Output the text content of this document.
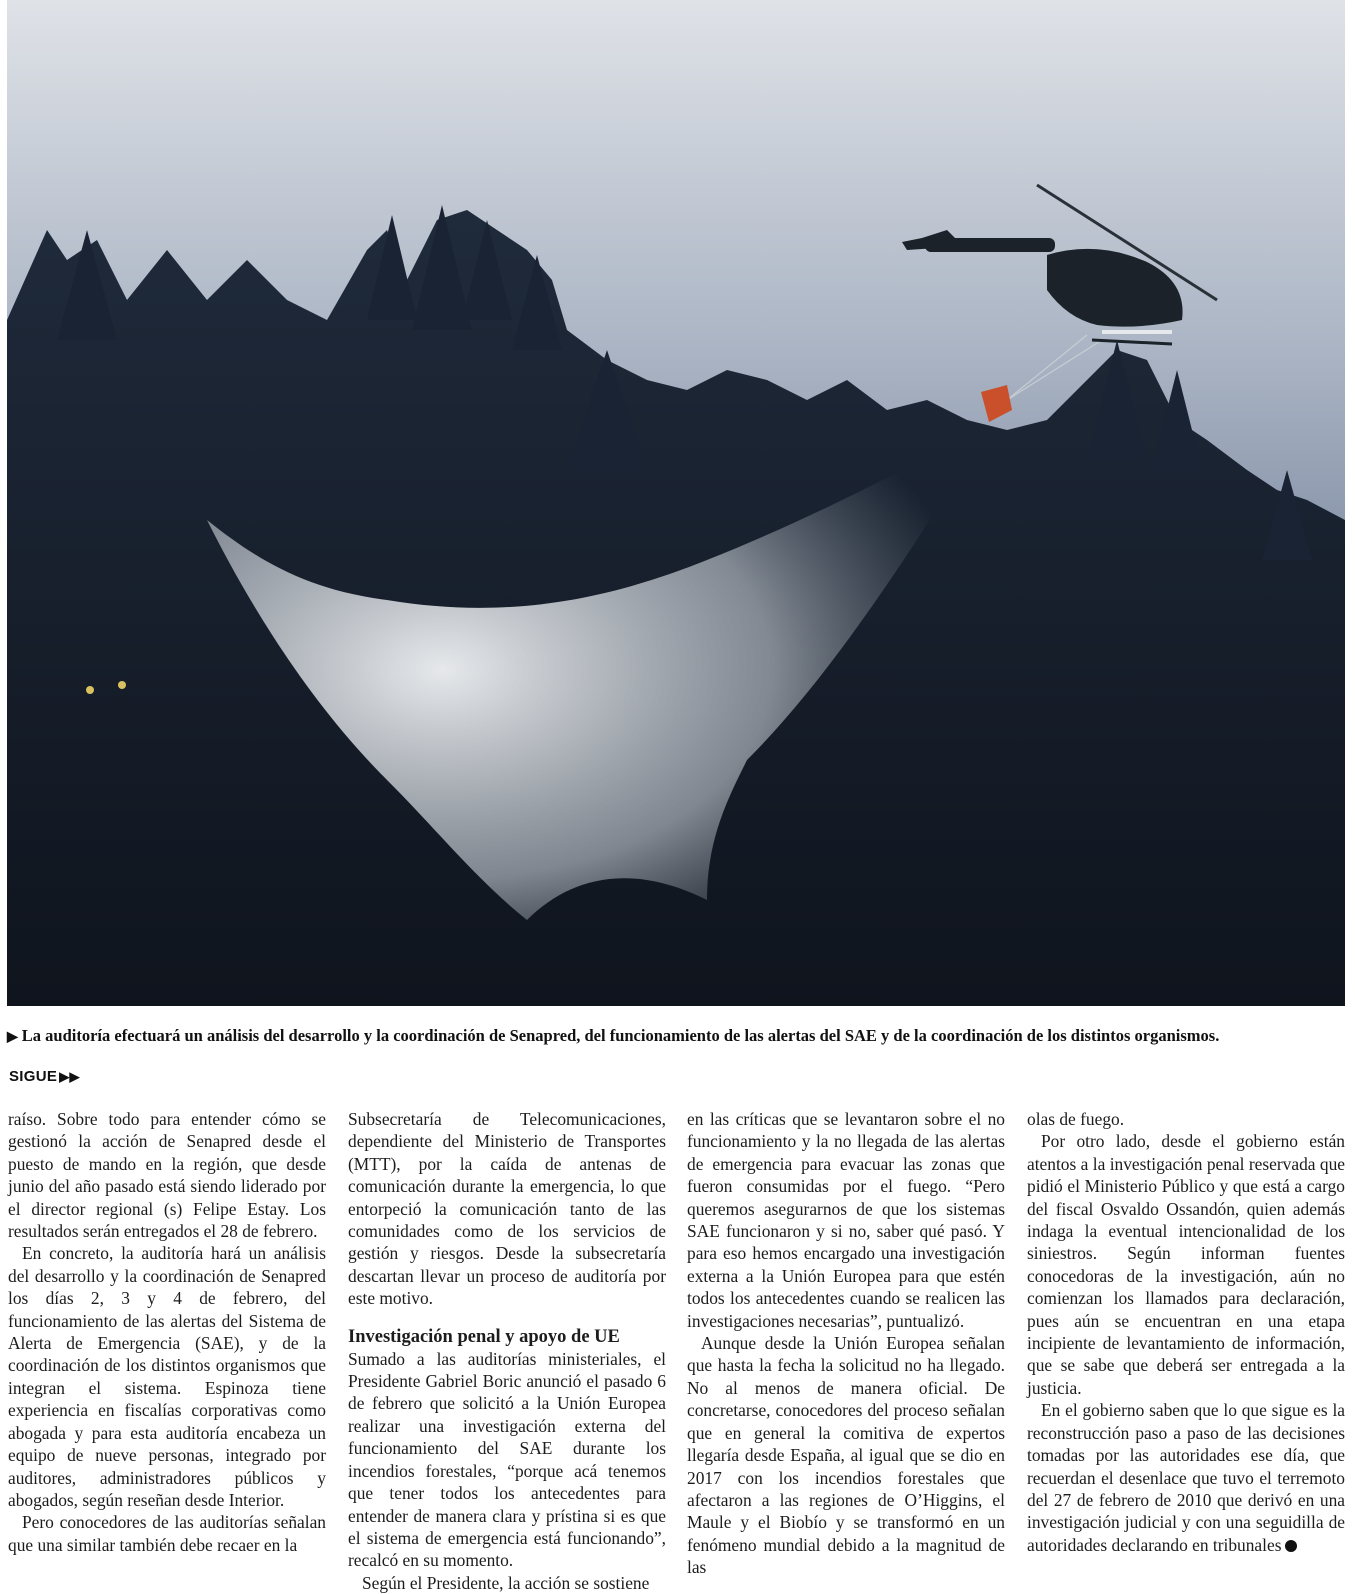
▶ La auditoría efectuará un análisis del desarrollo y la coordinación de Senapred, del funcionamiento de las alertas del SAE y de la coordinación de los distintos organismos.
SIGUE ▶▶

raíso. Sobre todo para entender cómo se gestionó la acción de Senapred desde el puesto de mando en la región, que desde junio del año pasado está siendo liderado por el director regional (s) Felipe Estay. Los resultados serán entregados el 28 de febrero.

En concreto, la auditoría hará un análisis del desarrollo y la coordinación de Senapred los días 2, 3 y 4 de febrero, del funcionamiento de las alertas del Sistema de Alerta de Emergencia (SAE), y de la coordinación de los distintos organismos que integran el sistema. Espinoza tiene experiencia en fiscalías corporativas como abogada y para esta auditoría encabeza un equipo de nueve personas, integrado por auditores, administradores públicos y abogados, según reseñan desde Interior.

Pero conocedores de las auditorías señalan que una similar también debe recaer en la

Subsecretaría de Telecomunicaciones, dependiente del Ministerio de Transportes (MTT), por la caída de antenas de comunicación durante la emergencia, lo que entorpeció la comunicación tanto de las comunidades como de los servicios de gestión y riesgos. Desde la subsecretaría descartan llevar un proceso de auditoría por este motivo.

Investigación penal y apoyo de UE

Sumado a las auditorías ministeriales, el Presidente Gabriel Boric anunció el pasado 6 de febrero que solicitó a la Unión Europea realizar una investigación externa del funcionamiento del SAE durante los incendios forestales, “porque acá tenemos que tener todos los antecedentes para entender de manera clara y prístina si es que el sistema de emergencia está funcionando”, recalcó en su momento.

Según el Presidente, la acción se sostiene

en las críticas que se levantaron sobre el no funcionamiento y la no llegada de las alertas de emergencia para evacuar las zonas que fueron consumidas por el fuego. “Pero queremos asegurarnos de que los sistemas SAE funcionaron y si no, saber qué pasó. Y para eso hemos encargado una investigación externa a la Unión Europea para que estén todos los antecedentes cuando se realicen las investigaciones necesarias”, puntualizó.

Aunque desde la Unión Europea señalan que hasta la fecha la solicitud no ha llegado. No al menos de manera oficial. De concretarse, conocedores del proceso señalan que en general la comitiva de expertos llegaría desde España, al igual que se dio en 2017 con los incendios forestales que afectaron a las regiones de O’Higgins, el Maule y el Biobío y se transformó en un fenómeno mundial debido a la magnitud de las

olas de fuego.

Por otro lado, desde el gobierno están atentos a la investigación penal reservada que pidió el Ministerio Público y que está a cargo del fiscal Osvaldo Ossandón, quien además indaga la eventual intencionalidad de los siniestros. Según informan fuentes conocedoras de la investigación, aún no comienzan los llamados para declaración, pues aún se encuentran en una etapa incipiente de levantamiento de información, que se sabe que deberá ser entregada a la justicia.

En el gobierno saben que lo que sigue es la reconstrucción paso a paso de las decisiones tomadas por las autoridades ese día, que recuerdan el desenlace que tuvo el terremoto del 27 de febrero de 2010 que derivó en una investigación judicial y con una seguidilla de autoridades declarando en tribunales
